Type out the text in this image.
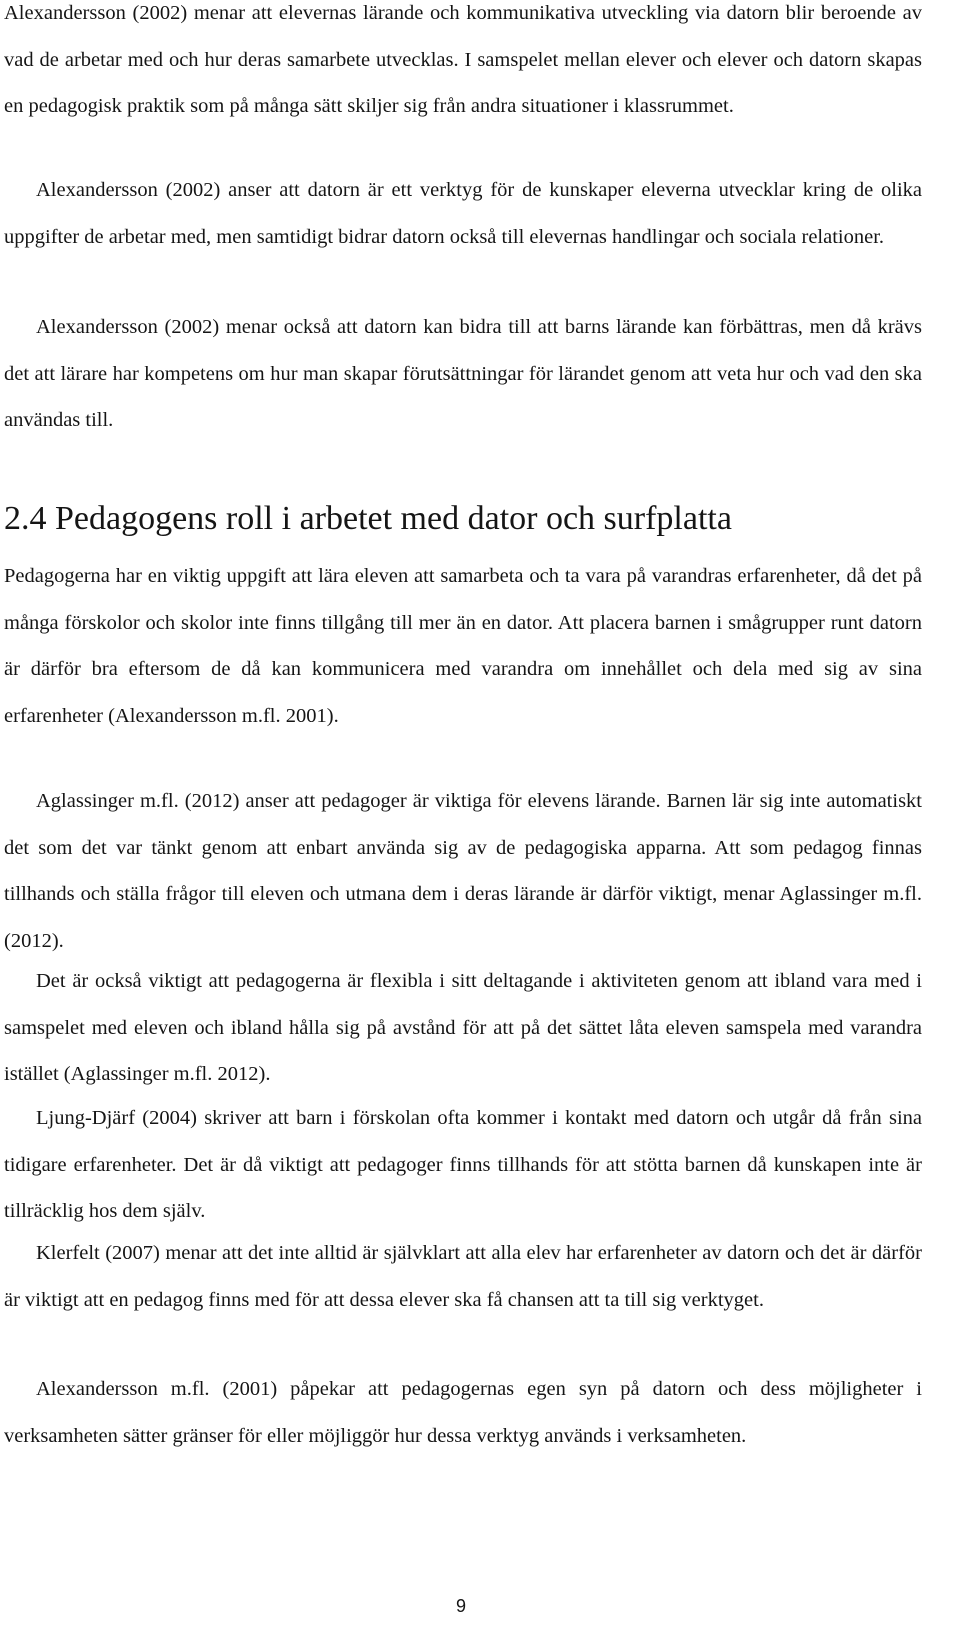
Alexandersson (2002) menar att elevernas lärande och kommunikativa utveckling via datorn blir beroende av vad de arbetar med och hur deras samarbete utvecklas. I samspelet mellan elever och elever och datorn skapas en pedagogisk praktik som på många sätt skiljer sig från andra situationer i klassrummet.

Alexandersson (2002) anser att datorn är ett verktyg för de kunskaper eleverna utvecklar kring de olika uppgifter de arbetar med, men samtidigt bidrar datorn också till elevernas handlingar och sociala relationer.

Alexandersson (2002) menar också att datorn kan bidra till att barns lärande kan förbättras, men då krävs det att lärare har kompetens om hur man skapar förutsättningar för lärandet genom att veta hur och vad den ska användas till.

2.4 Pedagogens roll i arbetet med dator och surfplatta

Pedagogerna har en viktig uppgift att lära eleven att samarbeta och ta vara på varandras erfarenheter, då det på många förskolor och skolor inte finns tillgång till mer än en dator. Att placera barnen i smågrupper runt datorn är därför bra eftersom de då kan kommunicera med varandra om innehållet och dela med sig av sina erfarenheter (Alexandersson m.fl. 2001).

Aglassinger m.fl. (2012) anser att pedagoger är viktiga för elevens lärande. Barnen lär sig inte automatiskt det som det var tänkt genom att enbart använda sig av de pedagogiska apparna. Att som pedagog finnas tillhands och ställa frågor till eleven och utmana dem i deras lärande är därför viktigt, menar Aglassinger m.fl. (2012).

Det är också viktigt att pedagogerna är flexibla i sitt deltagande i aktiviteten genom att ibland vara med i samspelet med eleven och ibland hålla sig på avstånd för att på det sättet låta eleven samspela med varandra istället (Aglassinger m.fl. 2012).

Ljung-Djärf (2004) skriver att barn i förskolan ofta kommer i kontakt med datorn och utgår då från sina tidigare erfarenheter. Det är då viktigt att pedagoger finns tillhands för att stötta barnen då kunskapen inte är tillräcklig hos dem själv.

Klerfelt (2007) menar att det inte alltid är självklart att alla elev har erfarenheter av datorn och det är därför är viktigt att en pedagog finns med för att dessa elever ska få chansen att ta till sig verktyget.

Alexandersson m.fl. (2001) påpekar att pedagogernas egen syn på datorn och dess möjligheter i verksamheten sätter gränser för eller möjliggör hur dessa verktyg används i verksamheten.

9
